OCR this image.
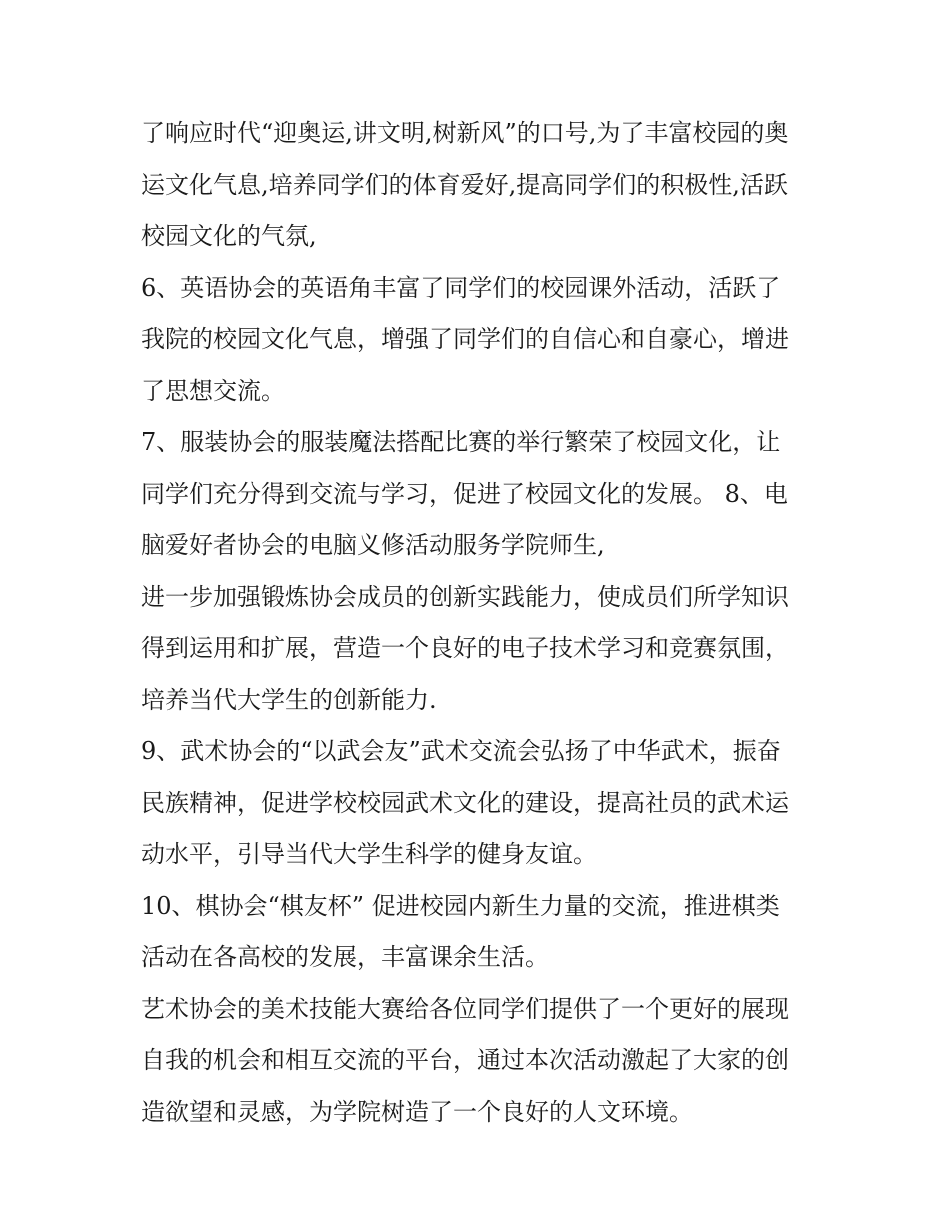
了响应时代“迎奥运,讲文明,树新风”的口号,为了丰富校园的奥
运文化气息,培养同学们的体育爱好,提高同学们的积极性,活跃
校园文化的气氛,
6、英语协会的英语角丰富了同学们的校园课外活动，活跃了
我院的校园文化气息，增强了同学们的自信心和自豪心，增进
了思想交流。
7、服装协会的服装魔法搭配比赛的举行繁荣了校园文化，让
同学们充分得到交流与学习，促进了校园文化的发展。 8、电
脑爱好者协会的电脑义修活动服务学院师生,
进一步加强锻炼协会成员的创新实践能力，使成员们所学知识
得到运用和扩展，营造一个良好的电子技术学习和竞赛氛围，
培养当代大学生的创新能力.
9、武术协会的“以武会友”武术交流会弘扬了中华武术，振奋
民族精神，促进学校校园武术文化的建设，提高社员的武术运
动水平，引导当代大学生科学的健身友谊。
10、棋协会“棋友杯” 促进校园内新生力量的交流，推进棋类
活动在各高校的发展，丰富课余生活。
艺术协会的美术技能大赛给各位同学们提供了一个更好的展现
自我的机会和相互交流的平台，通过本次活动激起了大家的创
造欲望和灵感，为学院树造了一个良好的人文环境。
